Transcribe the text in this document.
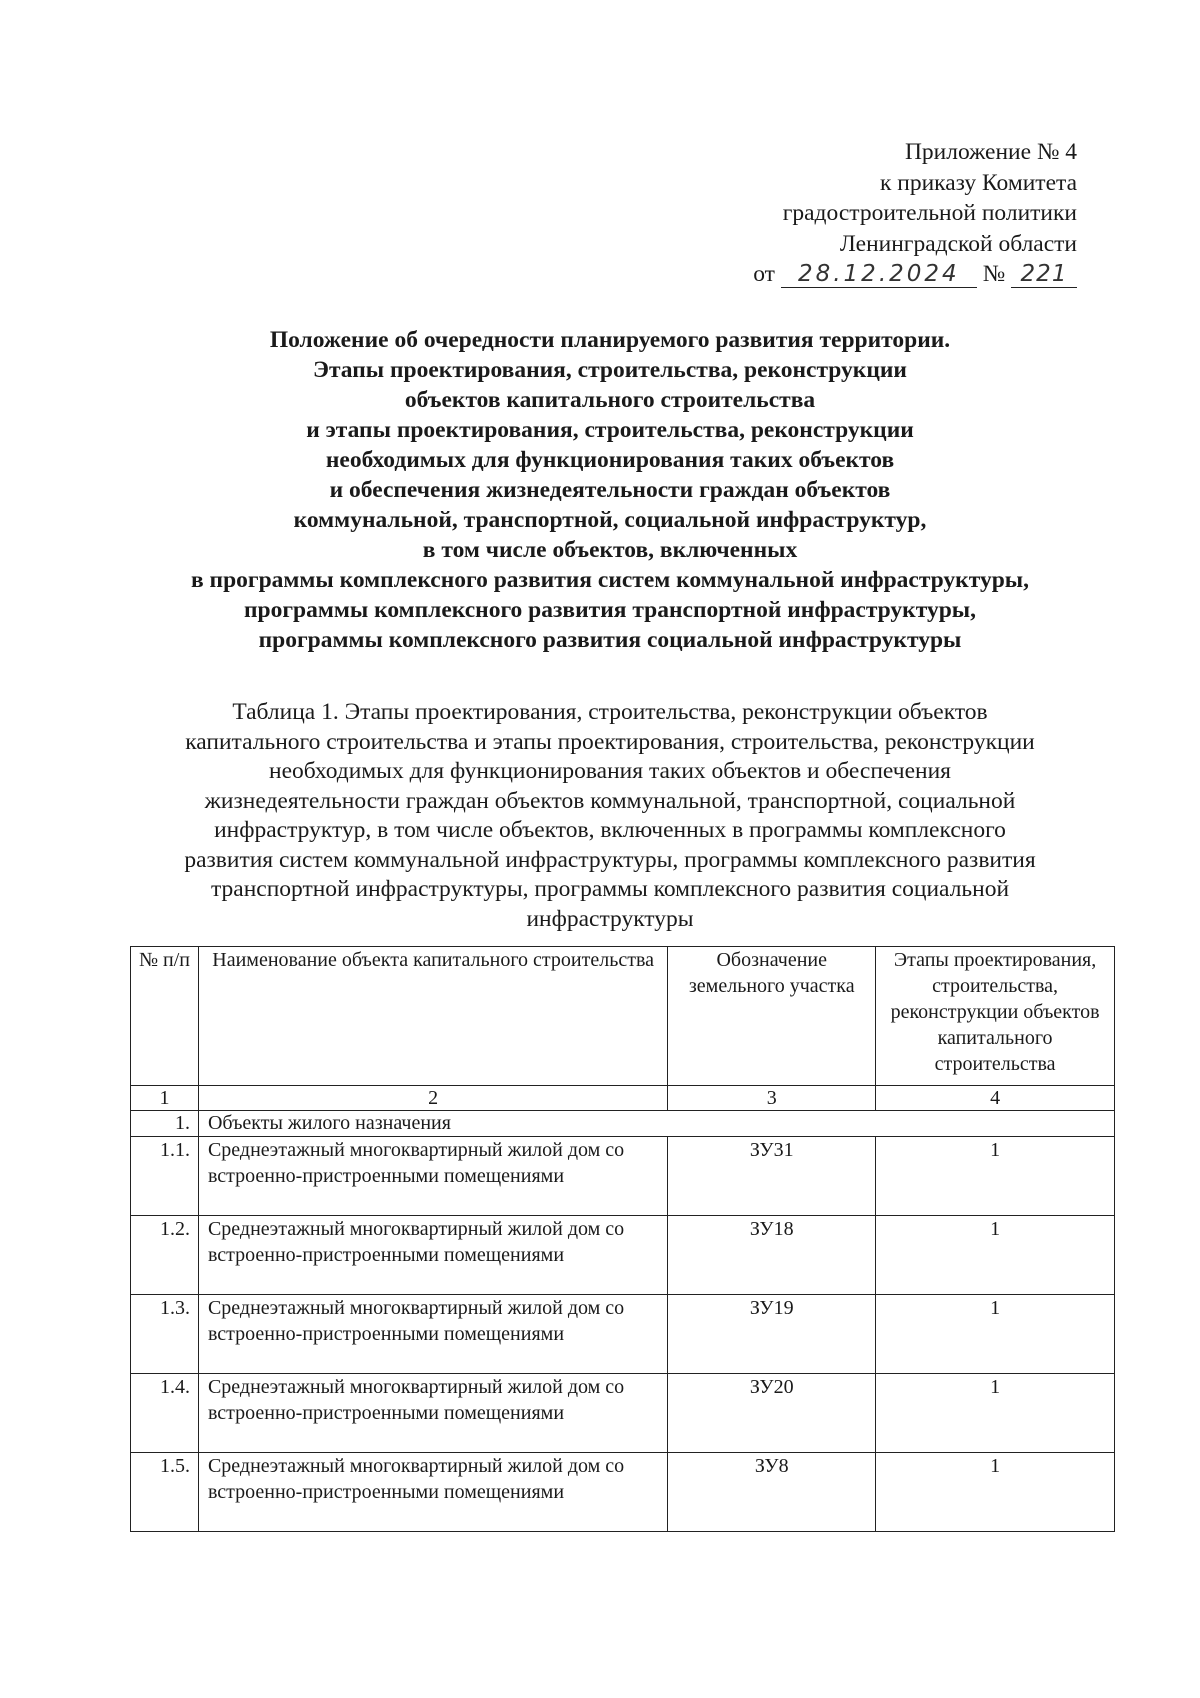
Приложение № 4
к приказу Комитета
градостроительной политики
Ленинградской области
от 28.12.2024 № 221
Положение об очередности планируемого развития территории.
Этапы проектирования, строительства, реконструкции
объектов капитального строительства
и этапы проектирования, строительства, реконструкции
необходимых для функционирования таких объектов
и обеспечения жизнедеятельности граждан объектов
коммунальной, транспортной, социальной инфраструктур,
в том числе объектов, включенных
в программы комплексного развития систем коммунальной инфраструктуры,
программы комплексного развития транспортной инфраструктуры,
программы комплексного развития социальной инфраструктуры
Таблица 1. Этапы проектирования, строительства, реконструкции объектов
капитального строительства и этапы проектирования, строительства, реконструкции
необходимых для функционирования таких объектов и обеспечения
жизнедеятельности граждан объектов коммунальной, транспортной, социальной
инфраструктур, в том числе объектов, включенных в программы комплексного
развития систем коммунальной инфраструктуры, программы комплексного развития
транспортной инфраструктуры, программы комплексного развития социальной
инфраструктуры
№ п/п	Наименование объекта капитального строительства	Обозначение земельного участка	Этапы проектирования, строительства, реконструкции объектов капитального строительства
1	2	3	4
1.	Объекты жилого назначения		
1.1.	Среднеэтажный многоквартирный жилой дом со встроенно-пристроенными помещениями	ЗУ31	1
1.2.	Среднеэтажный многоквартирный жилой дом со встроенно-пристроенными помещениями	ЗУ18	1
1.3.	Среднеэтажный многоквартирный жилой дом со встроенно-пристроенными помещениями	ЗУ19	1
1.4.	Среднеэтажный многоквартирный жилой дом со встроенно-пристроенными помещениями	ЗУ20	1
1.5.	Среднеэтажный многоквартирный жилой дом со встроенно-пристроенными помещениями	ЗУ8	1
